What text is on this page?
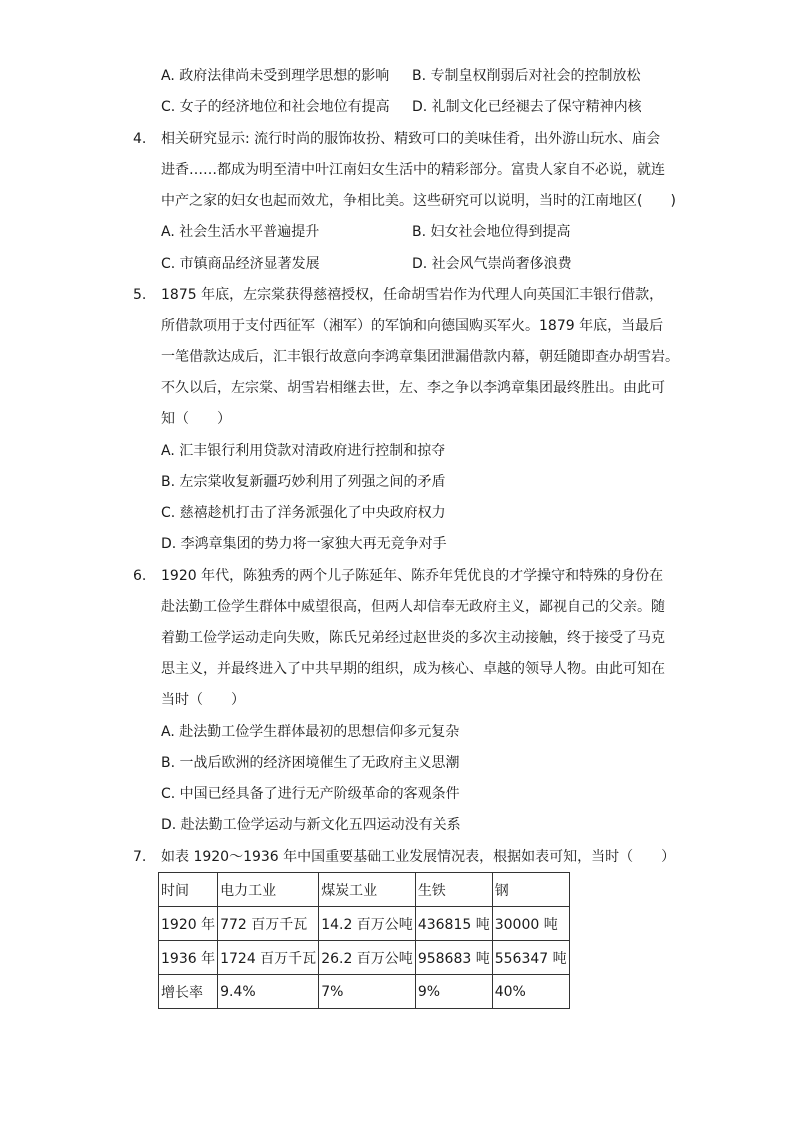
A. 政府法律尚未受到理学思想的影响 B. 专制皇权削弱后对社会的控制放松
C. 女子的经济地位和社会地位有提高 D. 礼制文化已经褪去了保守精神内核
4. 相关研究显示: 流行时尚的服饰妆扮、精致可口的美味佳肴，出外游山玩水、庙会
进香……都成为明至清中叶江南妇女生活中的精彩部分。富贵人家自不必说，就连
中产之家的妇女也起而效尤，争相比美。这些研究可以说明，当时的江南地区(　　)
A. 社会生活水平普遍提升	B. 妇女社会地位得到提高
C. 市镇商品经济显著发展	D. 社会风气崇尚奢侈浪费
5. 1875 年底，左宗棠获得慈禧授权，任命胡雪岩作为代理人向英国汇丰银行借款，
所借款项用于支付西征军（湘军）的军饷和向德国购买军火。1879 年底，当最后
一笔借款达成后，汇丰银行故意向李鸿章集团泄漏借款内幕，朝廷随即查办胡雪岩。
不久以后，左宗棠、胡雪岩相继去世，左、李之争以李鸿章集团最终胜出。由此可
知（　　）
A. 汇丰银行利用贷款对清政府进行控制和掠夺
B. 左宗棠收复新疆巧妙利用了列强之间的矛盾
C. 慈禧趁机打击了洋务派强化了中央政府权力
D. 李鸿章集团的势力将一家独大再无竞争对手
6. 1920 年代，陈独秀的两个儿子陈延年、陈乔年凭优良的才学操守和特殊的身份在
赴法勤工俭学生群体中威望很高，但两人却信奉无政府主义，鄙视自己的父亲。随
着勤工俭学运动走向失败，陈氏兄弟经过赵世炎的多次主动接触，终于接受了马克
思主义，并最终进入了中共早期的组织，成为核心、卓越的领导人物。由此可知在
当时（　　）
A. 赴法勤工俭学生群体最初的思想信仰多元复杂
B. 一战后欧洲的经济困境催生了无政府主义思潮
C. 中国已经具备了进行无产阶级革命的客观条件
D. 赴法勤工俭学运动与新文化五四运动没有关系
7. 如表 1920～1936 年中国重要基础工业发展情况表，根据如表可知，当时（　　）
时间	电力工业	煤炭工业	生铁	钢
1920 年	772 百万千瓦	14.2 百万公吨	436815 吨	30000 吨
1936 年	1724 百万千瓦	26.2 百万公吨	958683 吨	556347 吨
增长率	9.4%	7%	9%	40%
